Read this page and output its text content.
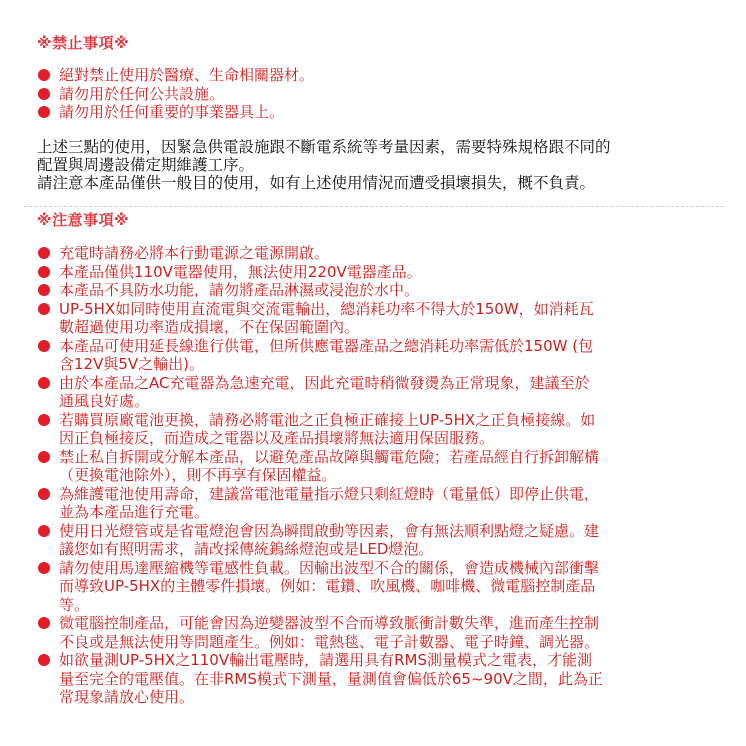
※禁止事項※
絕對禁止使用於醫療、生命相關器材。
請勿用於任何公共設施。
請勿用於任何重要的事業器具上。
上述三點的使用，因緊急供電設施跟不斷電系統等考量因素，需要特殊規格跟不同的
配置與周邊設備定期維護工序。
請注意本產品僅供一般目的使用，如有上述使用情況而遭受損壞損失，概不負責。
※注意事項※
充電時請務必將本行動電源之電源開啟。
本產品僅供110V電器使用，無法使用220V電器產品。
本產品不具防水功能，請勿將產品淋濕或浸泡於水中。
UP-5HX如同時使用直流電與交流電輸出，總消耗功率不得大於150W，如消耗瓦
數超過使用功率造成損壞，不在保固範圍內。
本產品可使用延長線進行供電，但所供應電器產品之總消耗功率需低於150W (包
含12V與5V之輸出)。
由於本產品之AC充電器為急速充電，因此充電時稍微發燙為正常現象，建議至於
通風良好處。
若購買原廠電池更換，請務必將電池之正負極正確接上UP-5HX之正負極接線。如
因正負極接反，而造成之電器以及產品損壞將無法適用保固服務。
禁止私自拆開或分解本產品，以避免產品故障與觸電危險；若產品經自行拆卸解構
（更換電池除外），則不再享有保固權益。
為維護電池使用壽命，建議當電池電量指示燈只剩紅燈時（電量低）即停止供電，
並為本產品進行充電。
使用日光燈管或是省電燈泡會因為瞬間啟動等因素，會有無法順利點燈之疑慮。建
議您如有照明需求，請改採傳統鎢絲燈泡或是LED燈泡。
請勿使用馬達壓縮機等電感性負載。因輸出波型不合的關係，會造成機械內部衝擊
而導致UP-5HX的主體零件損壞。例如：電鑽、吹風機、咖啡機、微電腦控制產品
等。
微電腦控制產品，可能會因為逆變器波型不合而導致脈衝計數失準，進而產生控制
不良或是無法使用等問題產生。例如：電熱毯、電子計數器、電子時鐘、調光器。
如欲量測UP-5HX之110V輸出電壓時，請選用具有RMS測量模式之電表，才能測
量至完全的電壓值。在非RMS模式下測量，量測值會偏低於65~90V之間，此為正
常現象請放心使用。
